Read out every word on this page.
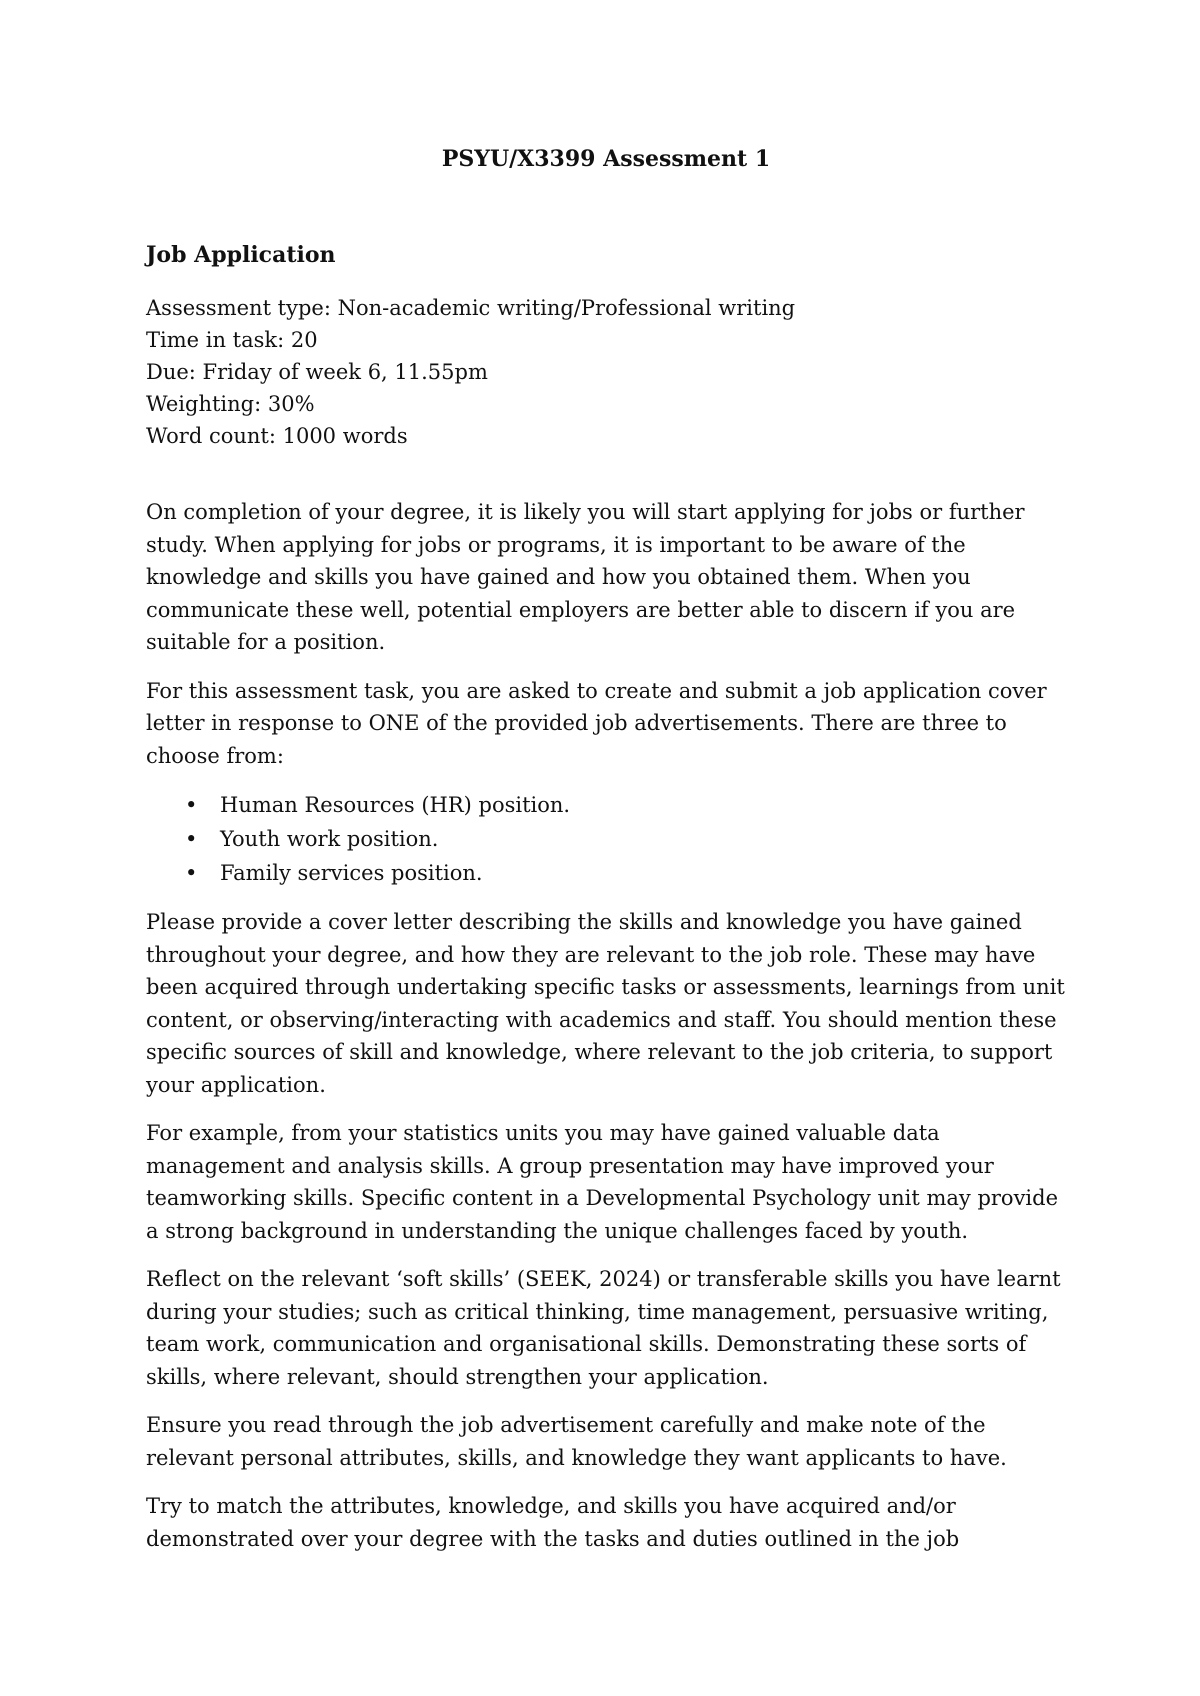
PSYU/X3399 Assessment 1
Job Application
Assessment type: Non-academic writing/Professional writing
Time in task: 20
Due: Friday of week 6, 11.55pm
Weighting: 30%
Word count: 1000 words

On completion of your degree, it is likely you will start applying for jobs or further study. When applying for jobs or programs, it is important to be aware of the knowledge and skills you have gained and how you obtained them. When you communicate these well, potential employers are better able to discern if you are suitable for a position.

For this assessment task, you are asked to create and submit a job application cover letter in response to ONE of the provided job advertisements. There are three to choose from:

• Human Resources (HR) position.
• Youth work position.
• Family services position.

Please provide a cover letter describing the skills and knowledge you have gained throughout your degree, and how they are relevant to the job role. These may have been acquired through undertaking specific tasks or assessments, learnings from unit content, or observing/interacting with academics and staff. You should mention these specific sources of skill and knowledge, where relevant to the job criteria, to support your application.

For example, from your statistics units you may have gained valuable data management and analysis skills. A group presentation may have improved your teamworking skills. Specific content in a Developmental Psychology unit may provide a strong background in understanding the unique challenges faced by youth.

Reflect on the relevant ‘soft skills’ (SEEK, 2024) or transferable skills you have learnt during your studies; such as critical thinking, time management, persuasive writing, team work, communication and organisational skills. Demonstrating these sorts of skills, where relevant, should strengthen your application.

Ensure you read through the job advertisement carefully and make note of the relevant personal attributes, skills, and knowledge they want applicants to have.

Try to match the attributes, knowledge, and skills you have acquired and/or demonstrated over your degree with the tasks and duties outlined in the job
